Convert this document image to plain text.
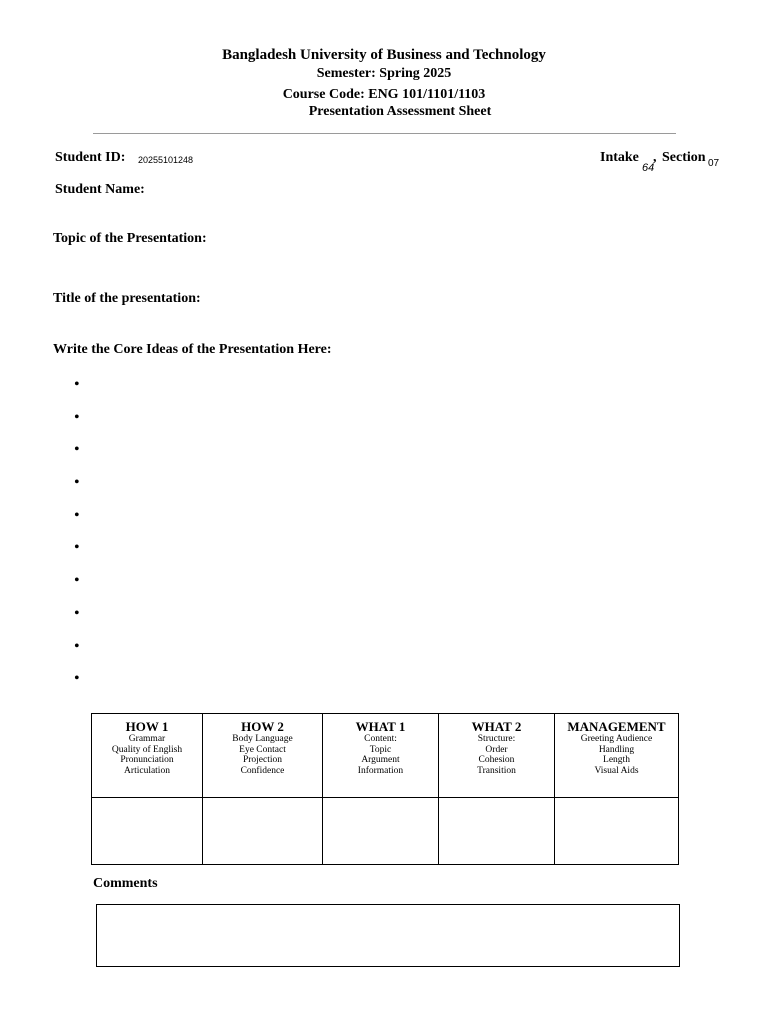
Bangladesh University of Business and Technology
Semester: Spring 2025
Course Code: ENG 101/1101/1103
Presentation Assessment Sheet
Student ID: 20255101248	Intake
64
, Section 07
Student Name:
Topic of the Presentation:
Title of the presentation:
Write the Core Ideas of the Presentation Here:
•
•
•
•
•
•
•
•
•
•
HOW 1
Grammar
Quality of English
Pronunciation
Articulation	HOW 2
Body Language
Eye Contact
Projection
Confidence	WHAT 1
Content:
Topic
Argument
Information	WHAT 2
Structure:
Order
Cohesion
Transition	MANAGEMENT
Greeting Audience
Handling
Length
Visual Aids

Comments
